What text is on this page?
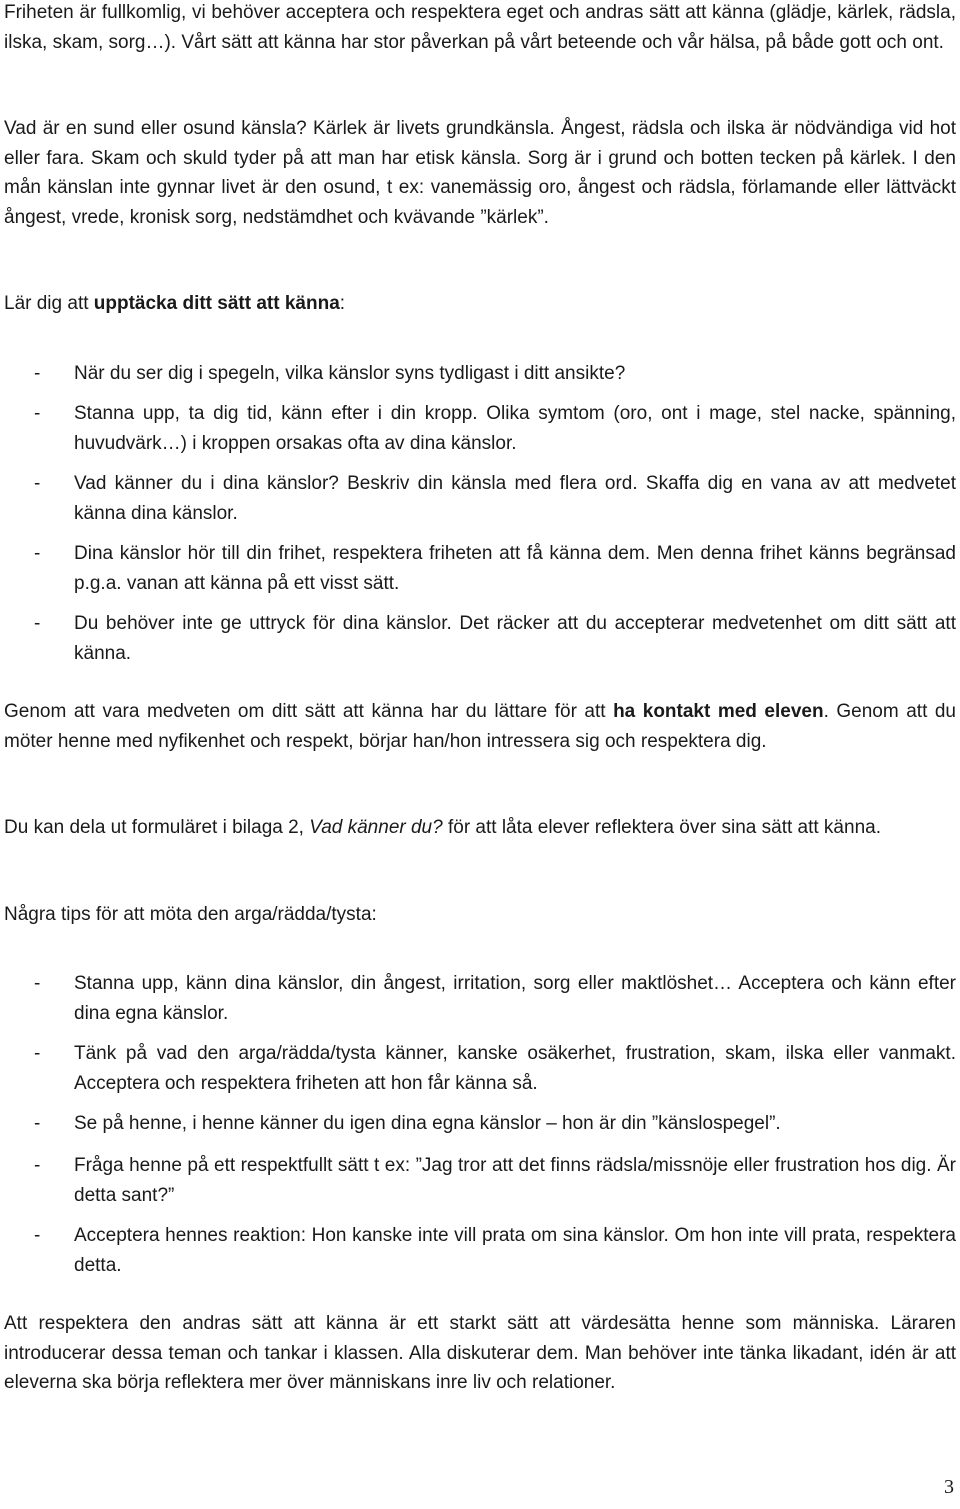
Friheten är fullkomlig, vi behöver acceptera och respektera eget och andras sätt att känna (glädje, kärlek, rädsla, ilska, skam, sorg…). Vårt sätt att känna har stor påverkan på vårt beteende och vår hälsa, på både gott och ont.

Vad är en sund eller osund känsla? Kärlek är livets grundkänsla. Ångest, rädsla och ilska är nödvändiga vid hot eller fara. Skam och skuld tyder på att man har etisk känsla. Sorg är i grund och botten tecken på kärlek. I den mån känslan inte gynnar livet är den osund, t ex: vanemässig oro, ångest och rädsla, förlamande eller lättväckt ångest, vrede, kronisk sorg, nedstämdhet och kvävande ”kärlek”.

Lär dig att upptäcka ditt sätt att känna:

-	När du ser dig i spegeln, vilka känslor syns tydligast i ditt ansikte?
-	Stanna upp, ta dig tid, känn efter i din kropp. Olika symtom (oro, ont i mage, stel nacke, spänning, huvudvärk…) i kroppen orsakas ofta av dina känslor.
-	Vad känner du i dina känslor? Beskriv din känsla med flera ord. Skaffa dig en vana av att medvetet känna dina känslor.
-	Dina känslor hör till din frihet, respektera friheten att få känna dem. Men denna frihet känns begränsad p.g.a. vanan att känna på ett visst sätt.
-	Du behöver inte ge uttryck för dina känslor. Det räcker att du accepterar medvetenhet om ditt sätt att känna.

Genom att vara medveten om ditt sätt att känna har du lättare för att ha kontakt med eleven. Genom att du möter henne med nyfikenhet och respekt, börjar han/hon intressera sig och respektera dig.

Du kan dela ut formuläret i bilaga 2, Vad känner du? för att låta elever reflektera över sina sätt att känna.

Några tips för att möta den arga/rädda/tysta:

-	Stanna upp, känn dina känslor, din ångest, irritation, sorg eller maktlöshet… Acceptera och känn efter dina egna känslor.
-	Tänk på vad den arga/rädda/tysta känner, kanske osäkerhet, frustration, skam, ilska eller vanmakt. Acceptera och respektera friheten att hon får känna så.
-	Se på henne, i henne känner du igen dina egna känslor – hon är din ”känslospegel”.
-	Fråga henne på ett respektfullt sätt t ex: ”Jag tror att det finns rädsla/missnöje eller frustration hos dig. Är detta sant?”
-	Acceptera hennes reaktion: Hon kanske inte vill prata om sina känslor. Om hon inte vill prata, respektera detta.

Att respektera den andras sätt att känna är ett starkt sätt att värdesätta henne som människa. Läraren introducerar dessa teman och tankar i klassen. Alla diskuterar dem. Man behöver inte tänka likadant, idén är att eleverna ska börja reflektera mer över människans inre liv och relationer.

3
